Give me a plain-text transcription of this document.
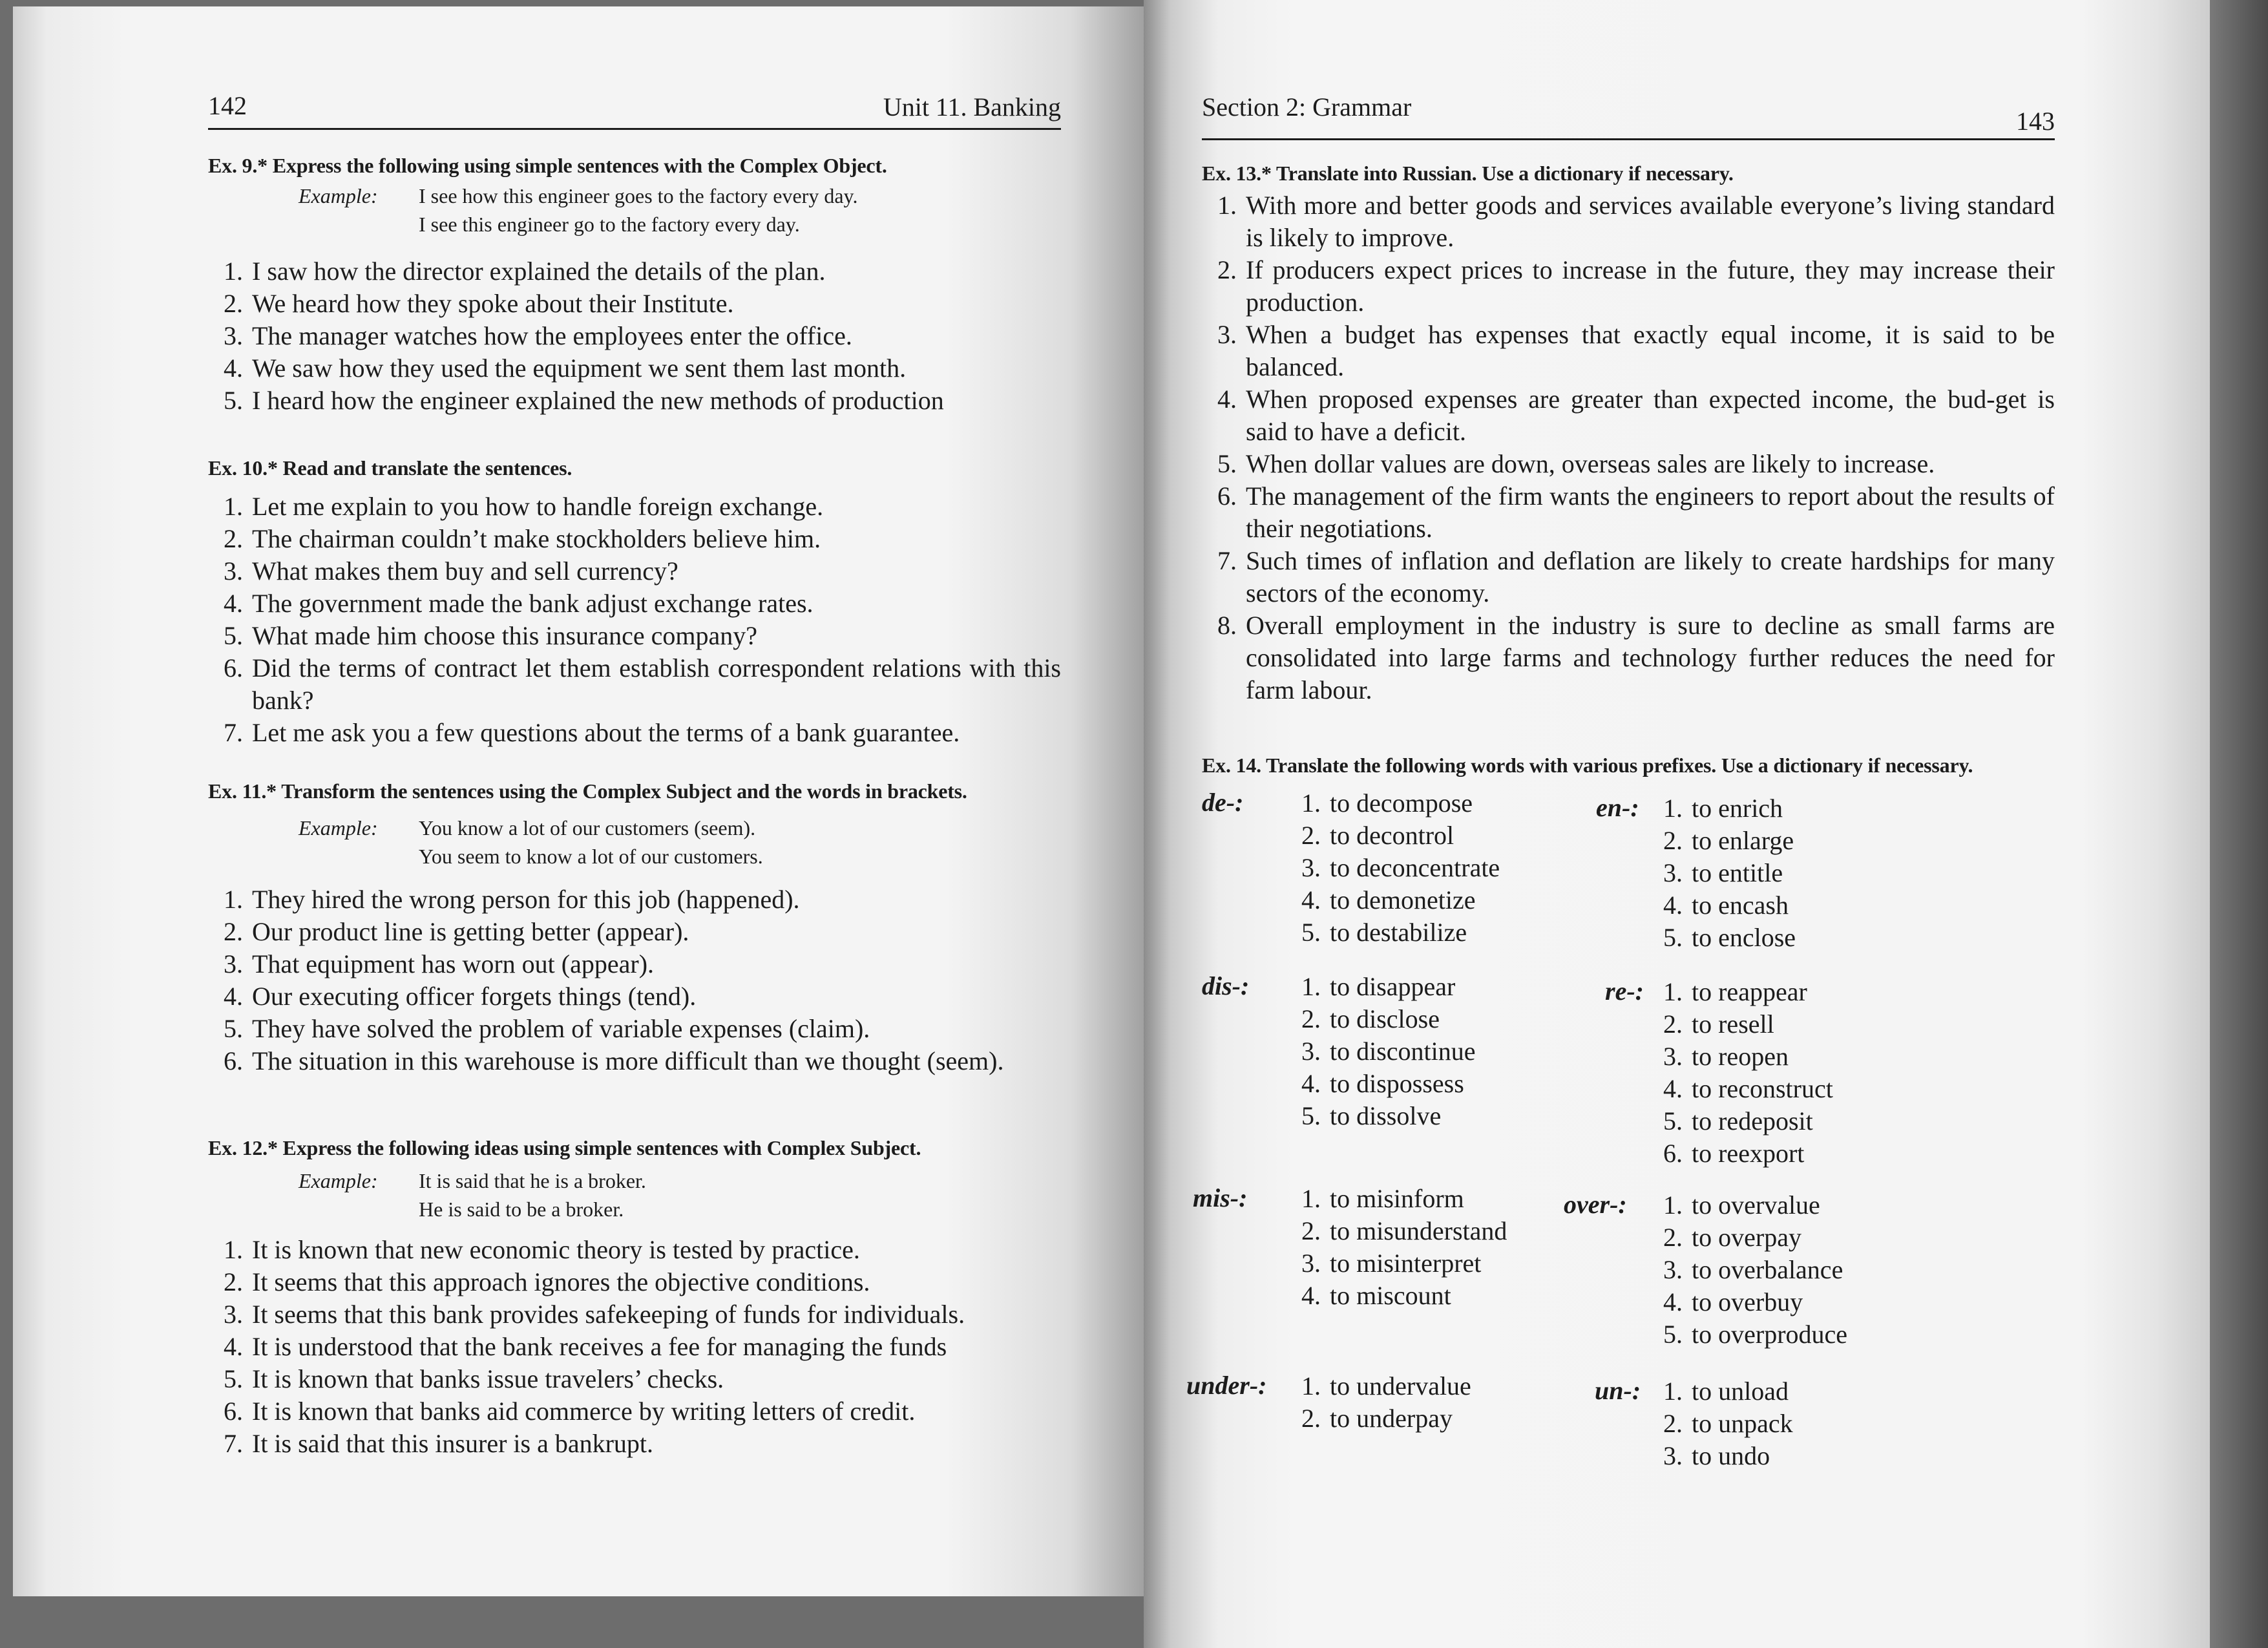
142	Unit 11. Banking

Ex. 9.* Express the following using simple sentences with the Complex Object.

Example:	I see how this engineer goes to the factory every day.
I see this engineer go to the factory every day.
1. I saw how the director explained the details of the plan.
2. We heard how they spoke about their Institute.
3. The manager watches how the employees enter the office.
4. We saw how they used the equipment we sent them last month.
5. I heard how the engineer explained the new methods of production

Ex. 10.* Read and translate the sentences.

1. Let me explain to you how to handle foreign exchange.
2. The chairman couldn’t make stockholders believe him.
3. What makes them buy and sell currency?
4. The government made the bank adjust exchange rates.
5. What made him choose this insurance company?
6. Did the terms of contract let them establish correspondent relations with this bank?
7. Let me ask you a few questions about the terms of a bank guarantee.

Ex. 11.* Transform the sentences using the Complex Subject and the words in brackets.

Example:	You know a lot of our customers (seem).
You seem to know a lot of our customers.
1. They hired the wrong person for this job (happened).
2. Our product line is getting better (appear).
3. That equipment has worn out (appear).
4. Our executing officer forgets things (tend).
5. They have solved the problem of variable expenses (claim).
6. The situation in this warehouse is more difficult than we thought (seem).

Ex. 12.* Express the following ideas using simple sentences with Complex Subject.

Example:	It is said that he is a broker.
He is said to be a broker.
1. It is known that new economic theory is tested by practice.
2. It seems that this approach ignores the objective conditions.
3. It seems that this bank provides safekeeping of funds for individuals.
4. It is understood that the bank receives a fee for managing the funds
5. It is known that banks issue travelers’ checks.
6. It is known that banks aid commerce by writing letters of credit.
7. It is said that this insurer is a bankrupt.
Section 2: Grammar	143

Ex. 13.* Translate into Russian. Use a dictionary if necessary.

1. With more and better goods and services available everyone’s living standard is likely to improve.
2. If producers expect prices to increase in the future, they may increase their production.
3. When a budget has expenses that exactly equal income, it is said to be balanced.
4. When proposed expenses are greater than expected income, the bud-get is said to have a deficit.
5. When dollar values are down, overseas sales are likely to increase.
6. The management of the firm wants the engineers to report about the results of their negotiations.
7. Such times of inflation and deflation are likely to create hardships for many sectors of the economy.
8. Overall employment in the industry is sure to decline as small farms are consolidated into large farms and technology further reduces the need for farm labour.

Ex. 14. Translate the following words with various prefixes. Use a dictionary if necessary.

de-:	1. to decompose
2. to decontrol
3. to deconcentrate
4. to demonetize
5. to destabilize
en-: 1. to enrich
2. to enlarge
3. to entitle
4. to encash
5. to enclose
dis-:	1. to disappear
2. to disclose
3. to discontinue
4. to dispossess
5. to dissolve
re-: 1. to reappear
2. to resell
3. to reopen
4. to reconstruct
5. to redeposit
6. to reexport
mis-:	1. to misinform
2. to misunderstand
3. to misinterpret
4. to miscount
over-:	1. to overvalue
2. to overpay
3. to overbalance
4. to overbuy
5. to overproduce
under-:	1. to undervalue
2. to underpay
un-: 1. to unload
2. to unpack
3. to undo
